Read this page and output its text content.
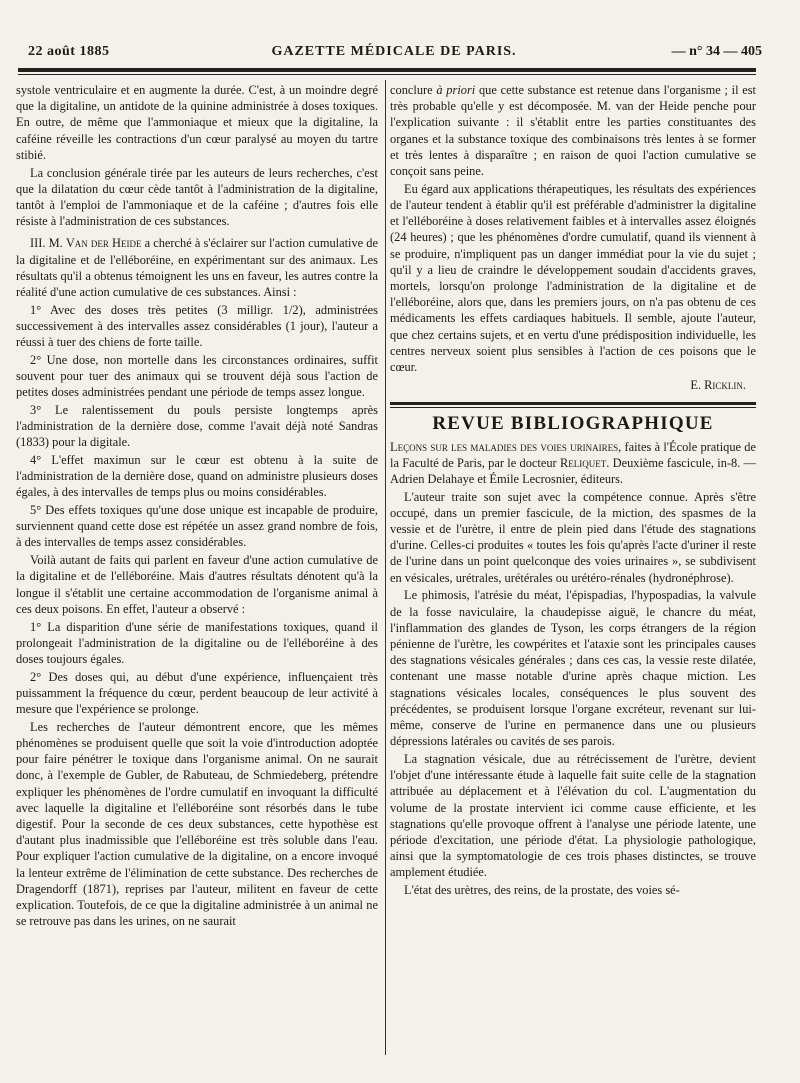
22 août 1885	GAZETTE MÉDICALE DE PARIS.	— n° 34 — 405

systole ventriculaire et en augmente la durée. C'est, à un moindre degré que la digitaline, un antidote de la quinine administrée à doses toxiques. En outre, de même que l'ammoniaque et mieux que la digitaline, la caféine réveille les contractions d'un cœur paralysé au moyen du tartre stibié.

La conclusion générale tirée par les auteurs de leurs recherches, c'est que la dilatation du cœur cède tantôt à l'administration de la digitaline, tantôt à l'emploi de l'ammoniaque et de la caféine ; d'autres fois elle résiste à l'administration de ces substances.

III. M. Van der Heide a cherché à s'éclairer sur l'action cumulative de la digitaline et de l'elléboréine, en expérimentant sur des animaux. Les résultats qu'il a obtenus témoignent les uns en faveur, les autres contre la réalité d'une action cumulative de ces substances. Ainsi :

1° Avec des doses très petites (3 milligr. 1/2), administrées successivement à des intervalles assez considérables (1 jour), l'auteur a réussi à tuer des chiens de forte taille.

2° Une dose, non mortelle dans les circonstances ordinaires, suffit souvent pour tuer des animaux qui se trouvent déjà sous l'action de petites doses administrées pendant une période de temps assez longue.

3° Le ralentissement du pouls persiste longtemps après l'administration de la dernière dose, comme l'avait déjà noté Sandras (1833) pour la digitale.

4° L'effet maximun sur le cœur est obtenu à la suite de l'administration de la dernière dose, quand on administre plusieurs doses égales, à des intervalles de temps plus ou moins considérables.

5° Des effets toxiques qu'une dose unique est incapable de produire, surviennent quand cette dose est répétée un assez grand nombre de fois, à des intervalles de temps assez considérables.

Voilà autant de faits qui parlent en faveur d'une action cumulative de la digitaline et de l'elléboréine. Mais d'autres résultats dénotent qu'à la longue il s'établit une certaine accommodation de l'organisme animal à ces deux poisons. En effet, l'auteur a observé :

1° La disparition d'une série de manifestations toxiques, quand il prolongeait l'administration de la digitaline ou de l'elléboréine à des doses toujours égales.

2° Des doses qui, au début d'une expérience, influençaient très puissamment la fréquence du cœur, perdent beaucoup de leur activité à mesure que l'expérience se prolonge.

Les recherches de l'auteur démontrent encore, que les mêmes phénomènes se produisent quelle que soit la voie d'introduction adoptée pour faire pénétrer le toxique dans l'organisme animal. On ne saurait donc, à l'exemple de Gubler, de Rabuteau, de Schmiedeberg, prétendre expliquer les phénomènes de l'ordre cumulatif en invoquant la difficulté avec laquelle la digitaline et l'elléboréine sont résorbés dans le tube digestif. Pour la seconde de ces deux substances, cette hypothèse est d'autant plus inadmissible que l'elléboréine est très soluble dans l'eau. Pour expliquer l'action cumulative de la digitaline, on a encore invoqué la lenteur extrême de l'élimination de cette substance. Des recherches de Dragendorff (1871), reprises par l'auteur, militent en faveur de cette explication. Toutefois, de ce que la digitaline administrée à un animal ne se retrouve pas dans les urines, on ne saurait

conclure à priori que cette substance est retenue dans l'organisme ; il est très probable qu'elle y est décomposée. M. van der Heide penche pour l'explication suivante : il s'établit entre les parties constituantes des organes et la substance toxique des combinaisons très lentes à se former et très lentes à disparaître ; en raison de quoi l'action cumulative se conçoit sans peine.

Eu égard aux applications thérapeutiques, les résultats des expériences de l'auteur tendent à établir qu'il est préférable d'administrer la digitaline et l'elléboréine à doses relativement faibles et à intervalles assez éloignés (24 heures) ; que les phénomènes d'ordre cumulatif, quand ils viennent à se produire, n'impliquent pas un danger immédiat pour la vie du sujet ; qu'il y a lieu de craindre le développement soudain d'accidents graves, mortels, lorsqu'on prolonge l'administration de la digitaline et de l'elléboréine, alors que, dans les premiers jours, on n'a pas obtenu de ces médicaments les effets cardiaques habituels. Il semble, ajoute l'auteur, que chez certains sujets, et en vertu d'une prédisposition individuelle, les centres nerveux soient plus sensibles à l'action de ces poisons que le cœur.

E. Ricklin.

REVUE BIBLIOGRAPHIQUE

Leçons sur les maladies des voies urinaires, faites à l'École pratique de la Faculté de Paris, par le docteur Reliquet. Deuxième fascicule, in-8. — Adrien Delahaye et Émile Lecrosnier, éditeurs.

L'auteur traite son sujet avec la compétence connue. Après s'être occupé, dans un premier fascicule, de la miction, des spasmes de la vessie et de l'urètre, il entre de plein pied dans l'étude des stagnations d'urine. Celles-ci produites « toutes les fois qu'après l'acte d'uriner il reste de l'urine dans un point quelconque des voies urinaires », se subdivisent en vésicales, urétrales, urétérales ou urétéro-rénales (hydronéphrose).

Le phimosis, l'atrésie du méat, l'épispadias, l'hypospadias, la valvule de la fosse naviculaire, la chaudepisse aiguë, le chancre du méat, l'inflammation des glandes de Tyson, les corps étrangers de la région pénienne de l'urètre, les cowpérites et l'ataxie sont les principales causes des stagnations vésicales générales ; dans ces cas, la vessie reste dilatée, contenant une masse notable d'urine après chaque miction. Les stagnations vésicales locales, conséquences le plus souvent des précédentes, se produisent lorsque l'organe excréteur, revenant sur lui-même, conserve de l'urine en permanence dans une ou plusieurs dépressions latérales ou cavités de ses parois.

La stagnation vésicale, due au rétrécissement de l'urètre, devient l'objet d'une intéressante étude à laquelle fait suite celle de la stagnation attribuée au déplacement et à l'élévation du col. L'augmentation du volume de la prostate intervient ici comme cause efficiente, et les stagnations qu'elle provoque offrent à l'analyse une période latente, une période d'excitation, une période d'état. La physiologie pathologique, ainsi que la symptomatologie de ces trois phases distinctes, se trouve amplement étudiée.

L'état des urètres, des reins, de la prostate, des voies sé-
